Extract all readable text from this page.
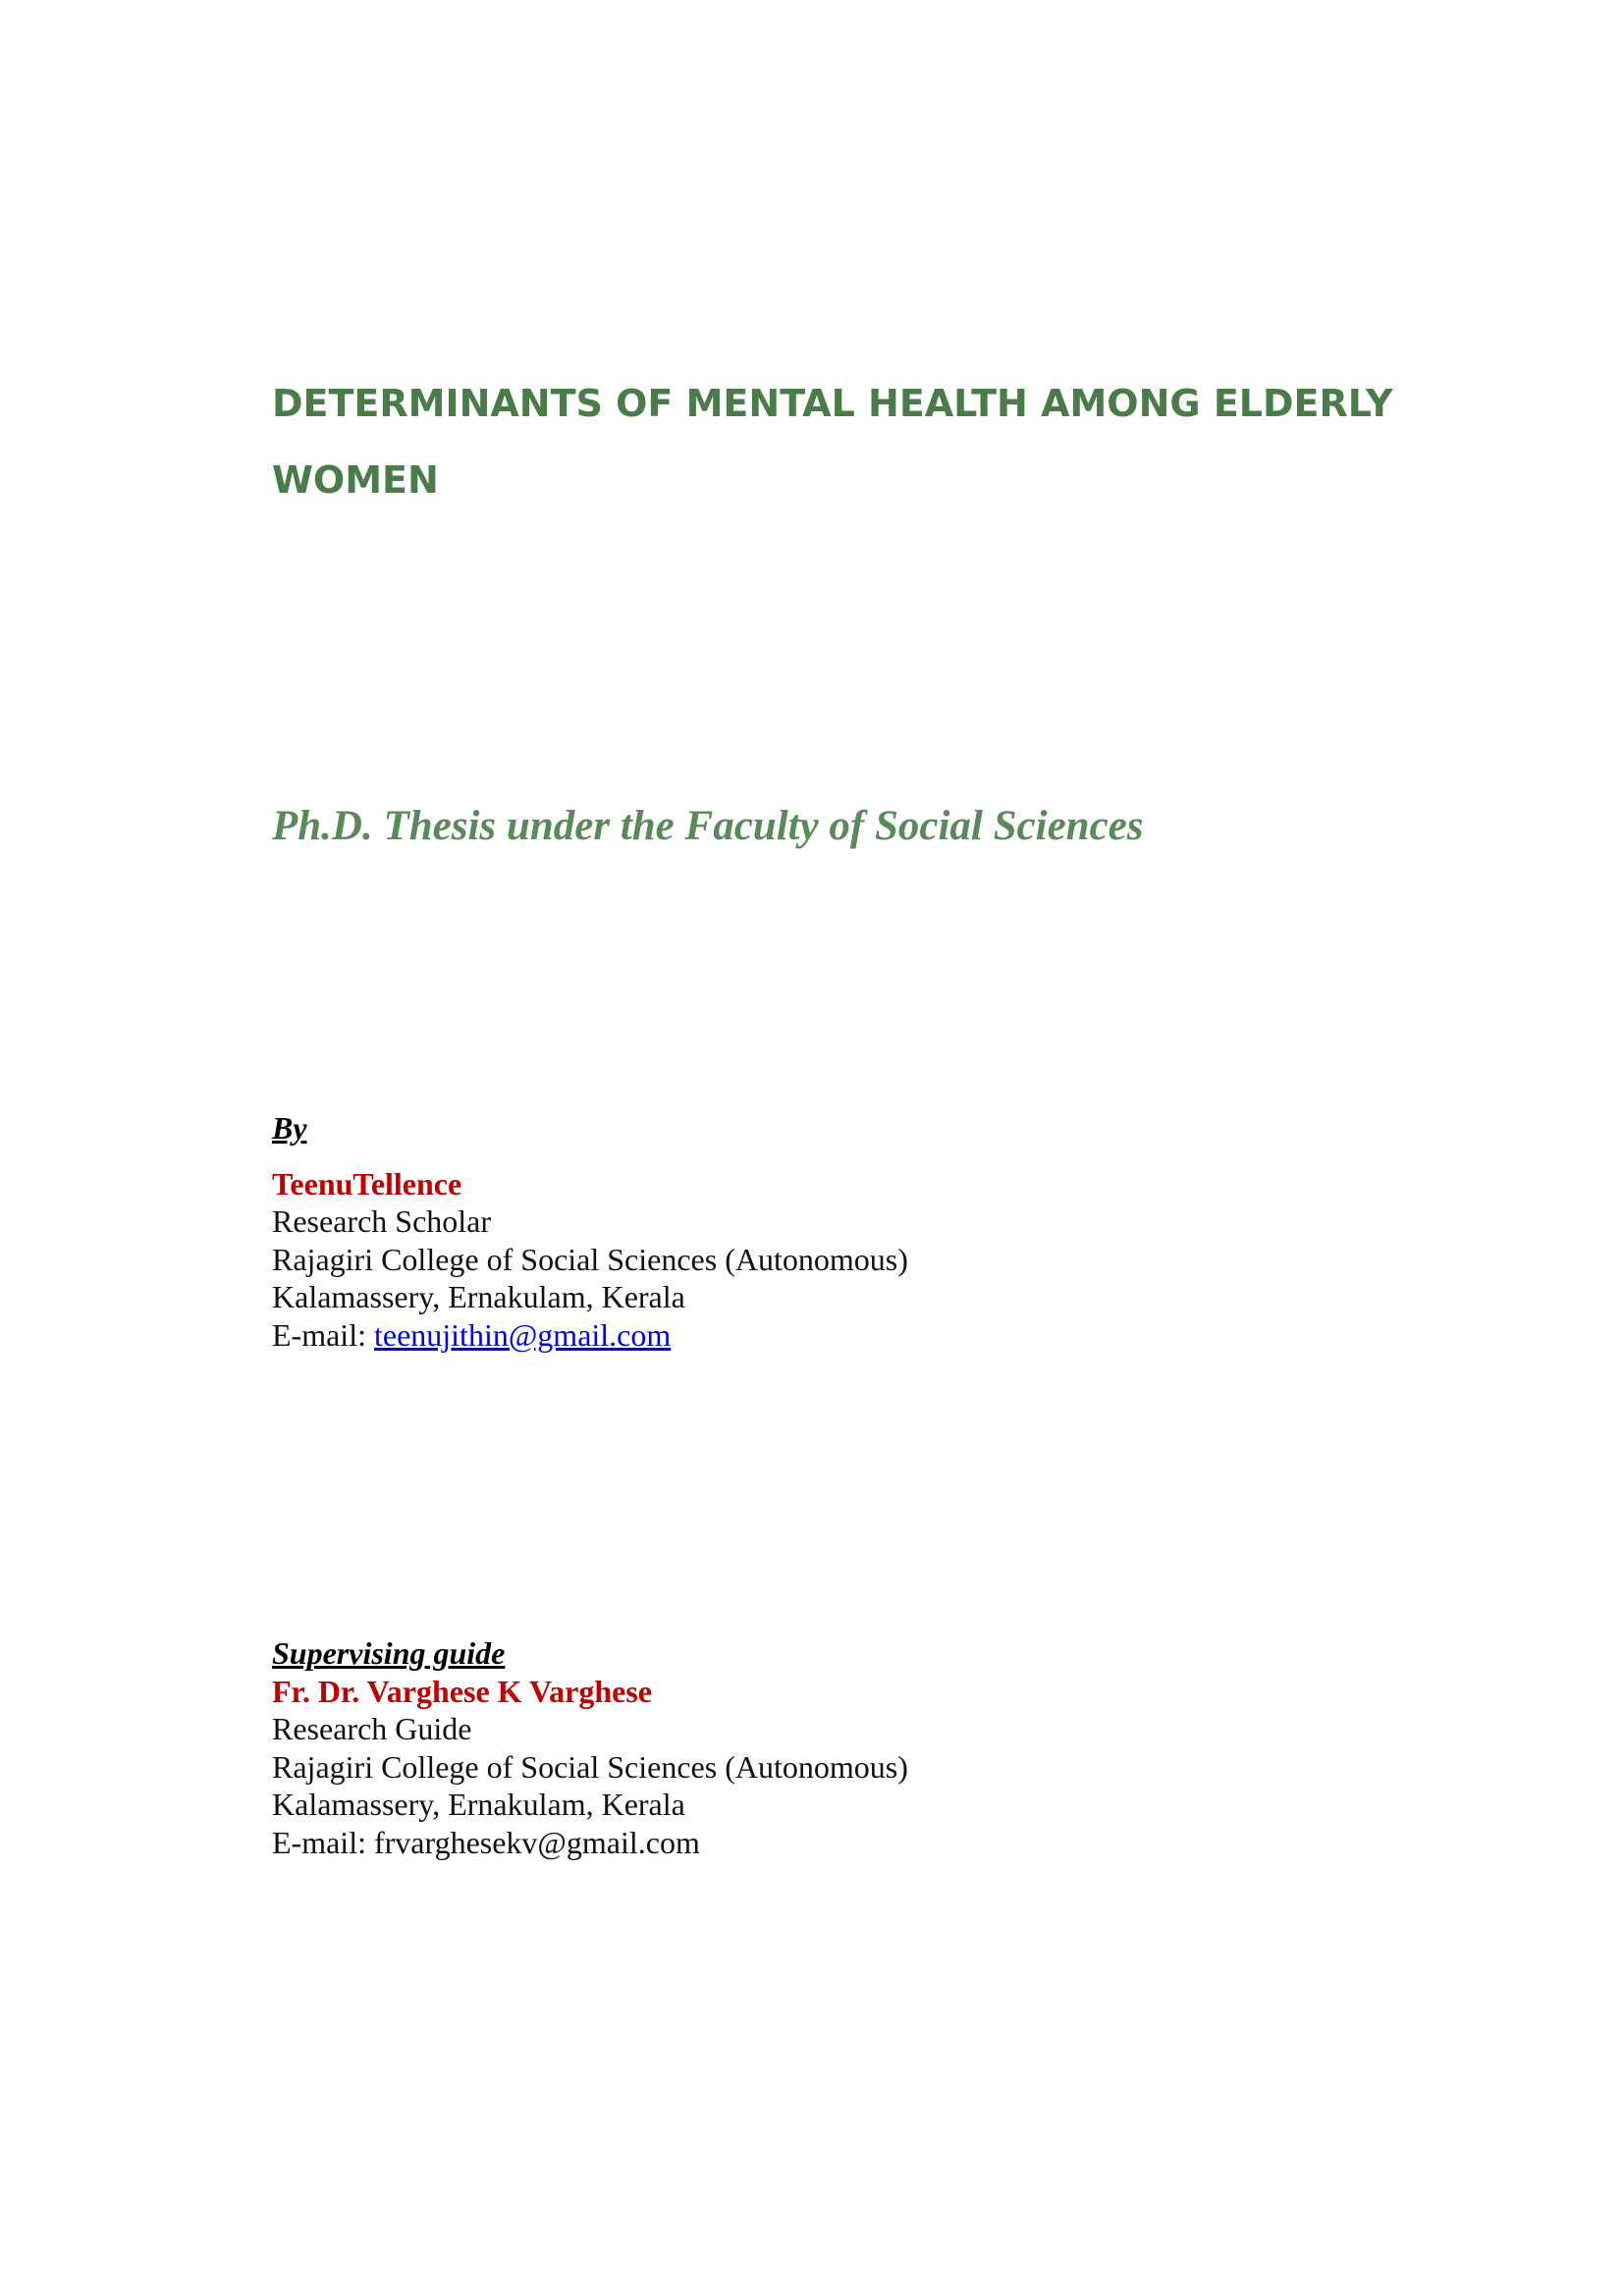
DETERMINANTS OF MENTAL HEALTH AMONG ELDERLY WOMEN
Ph.D. Thesis under the Faculty of Social Sciences
By
TeenuTellence
Research Scholar
Rajagiri College of Social Sciences (Autonomous)
Kalamassery, Ernakulam, Kerala
E-mail: teenujithin@gmail.com
Supervising guide
Fr. Dr. Varghese K Varghese
Research Guide
Rajagiri College of Social Sciences (Autonomous)
Kalamassery, Ernakulam, Kerala
E-mail: frvarghesekv@gmail.com
